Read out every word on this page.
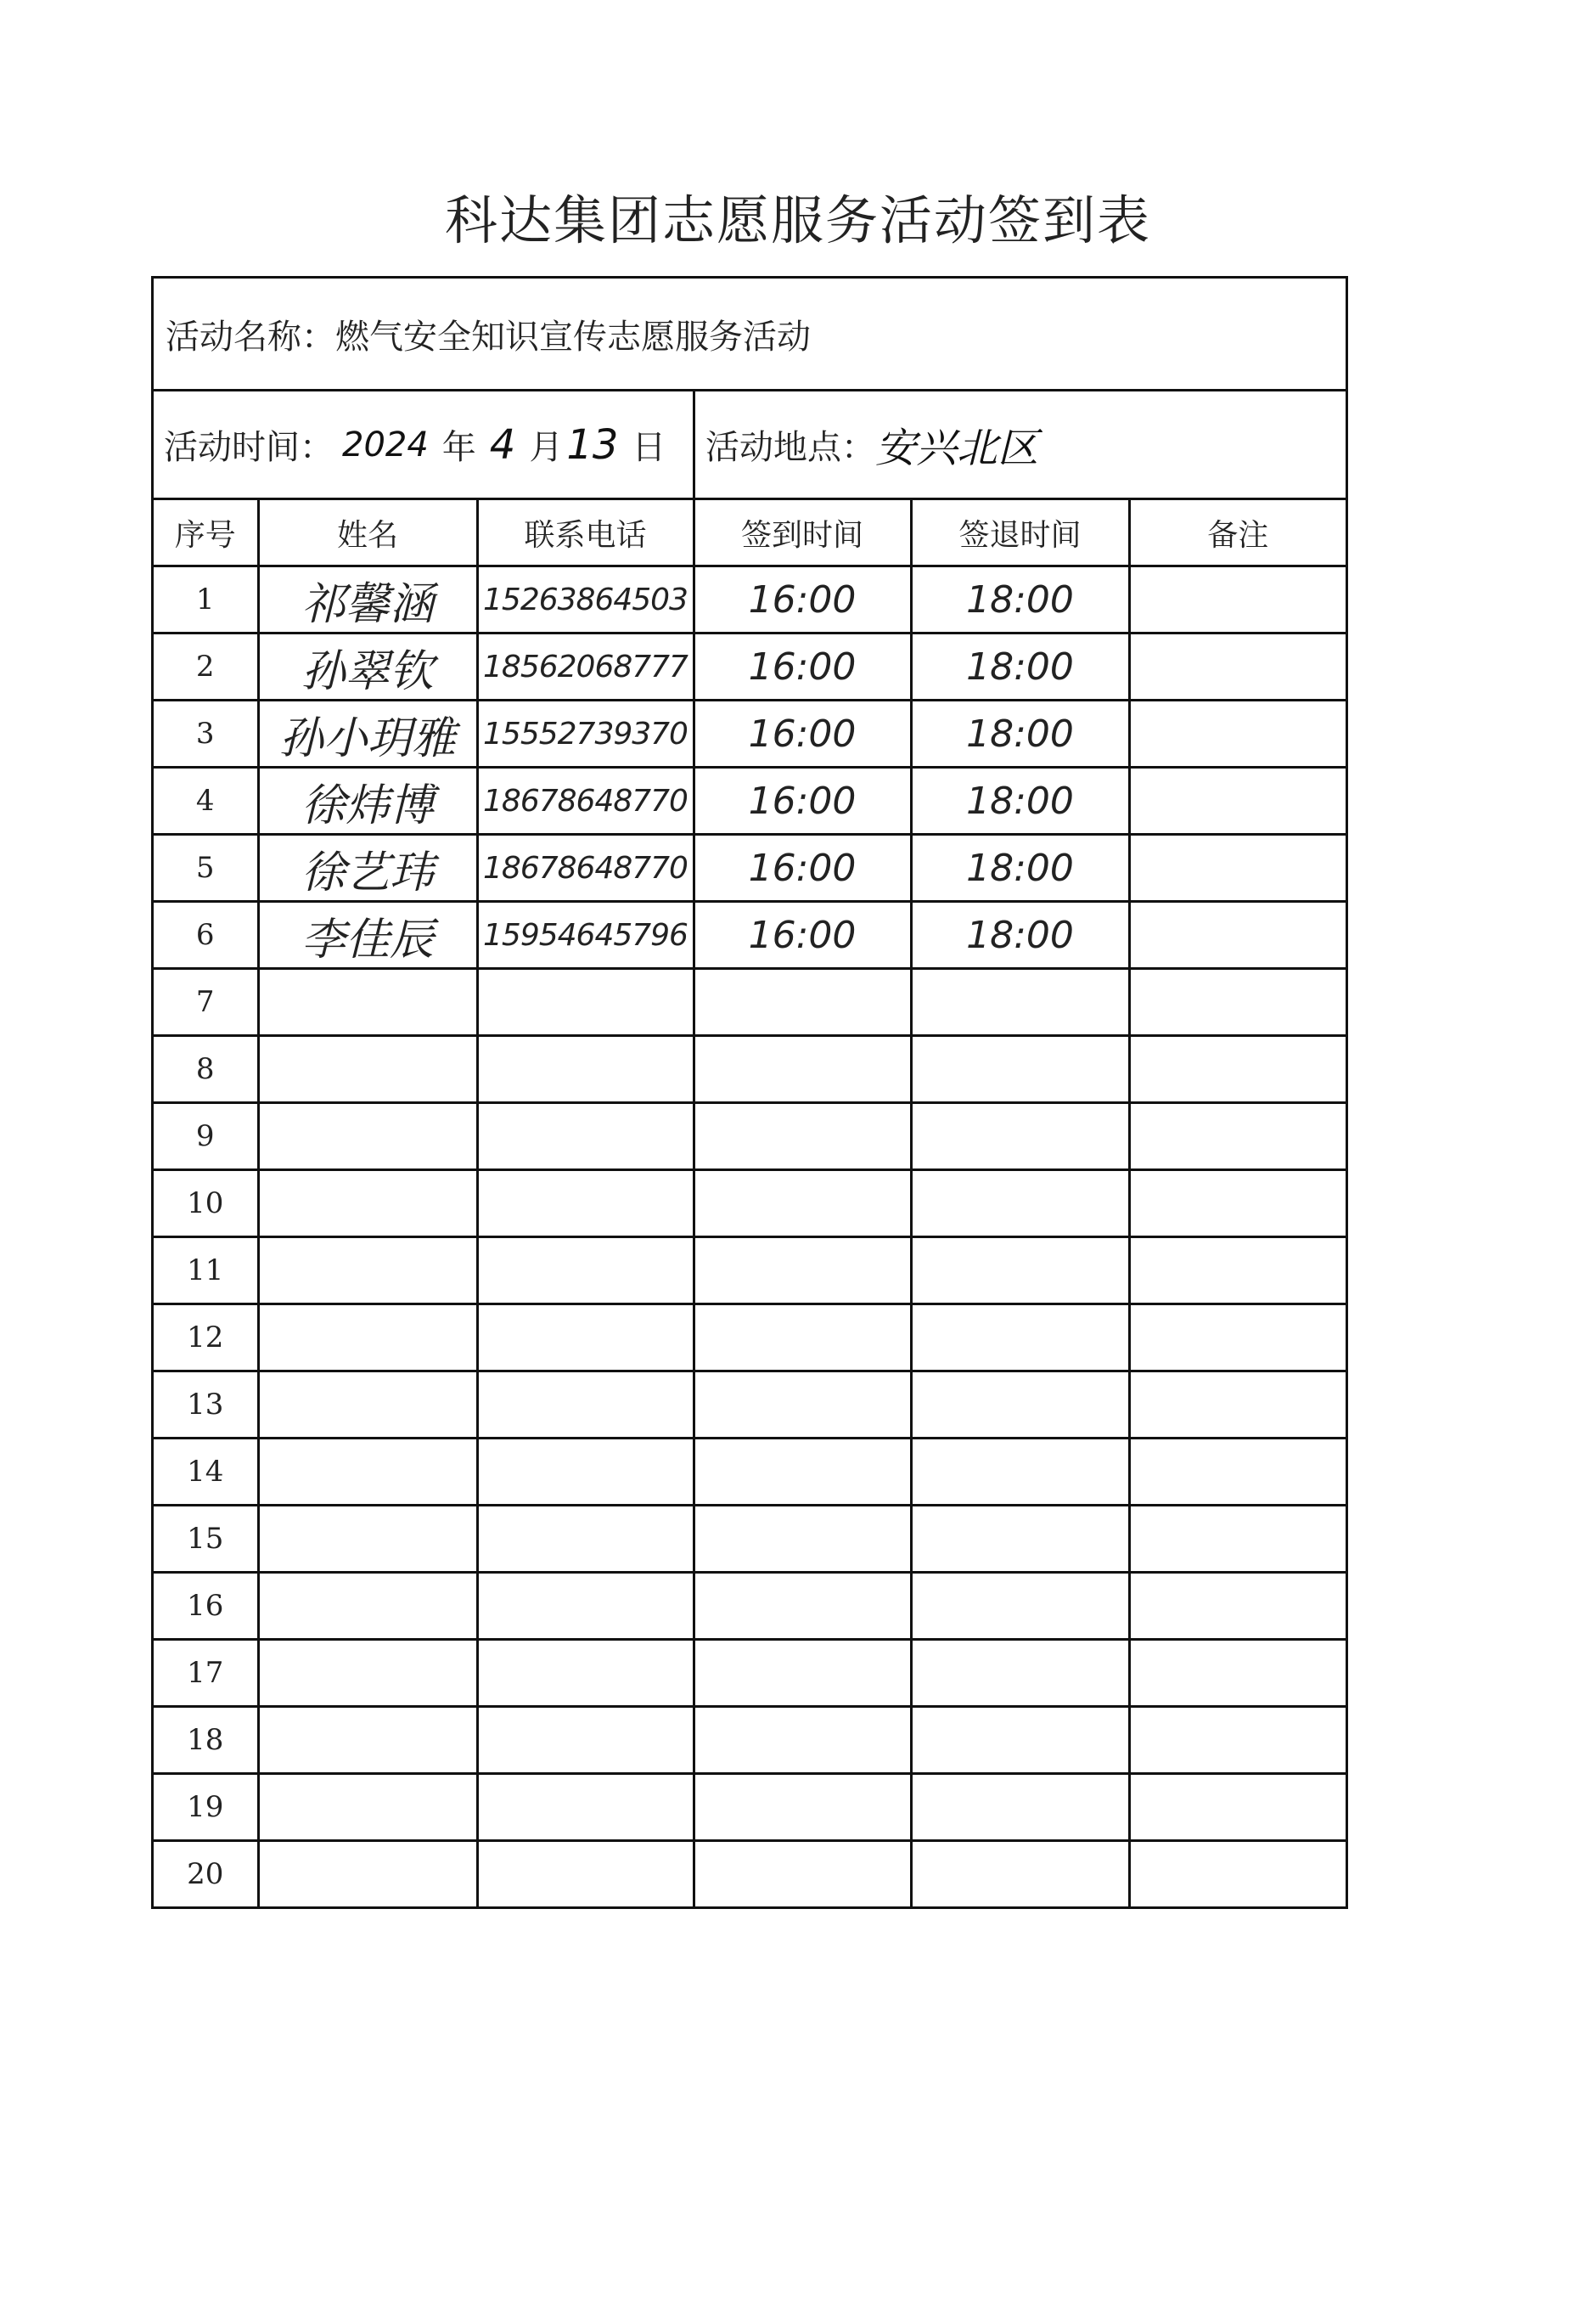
科达集团志愿服务活动签到表
活动名称： 燃气安全知识宣传志愿服务活动
活动时间： 2024 年 4 月 13 日 活动地点： 安兴北区
序号	姓名	联系电话	签到时间	签退时间	备注
1	祁馨涵	15263864503	16:00	18:00	
2	孙翠钦	18562068777	16:00	18:00	
3	孙小玥雅	15552739370	16:00	18:00	
4	徐炜博	18678648770	16:00	18:00	
5	徐艺玮	18678648770	16:00	18:00	
6	李佳辰	15954645796	16:00	18:00	
7					
8					
9					
10					
11					
12					
13					
14					
15					
16					
17					
18					
19					
20					
